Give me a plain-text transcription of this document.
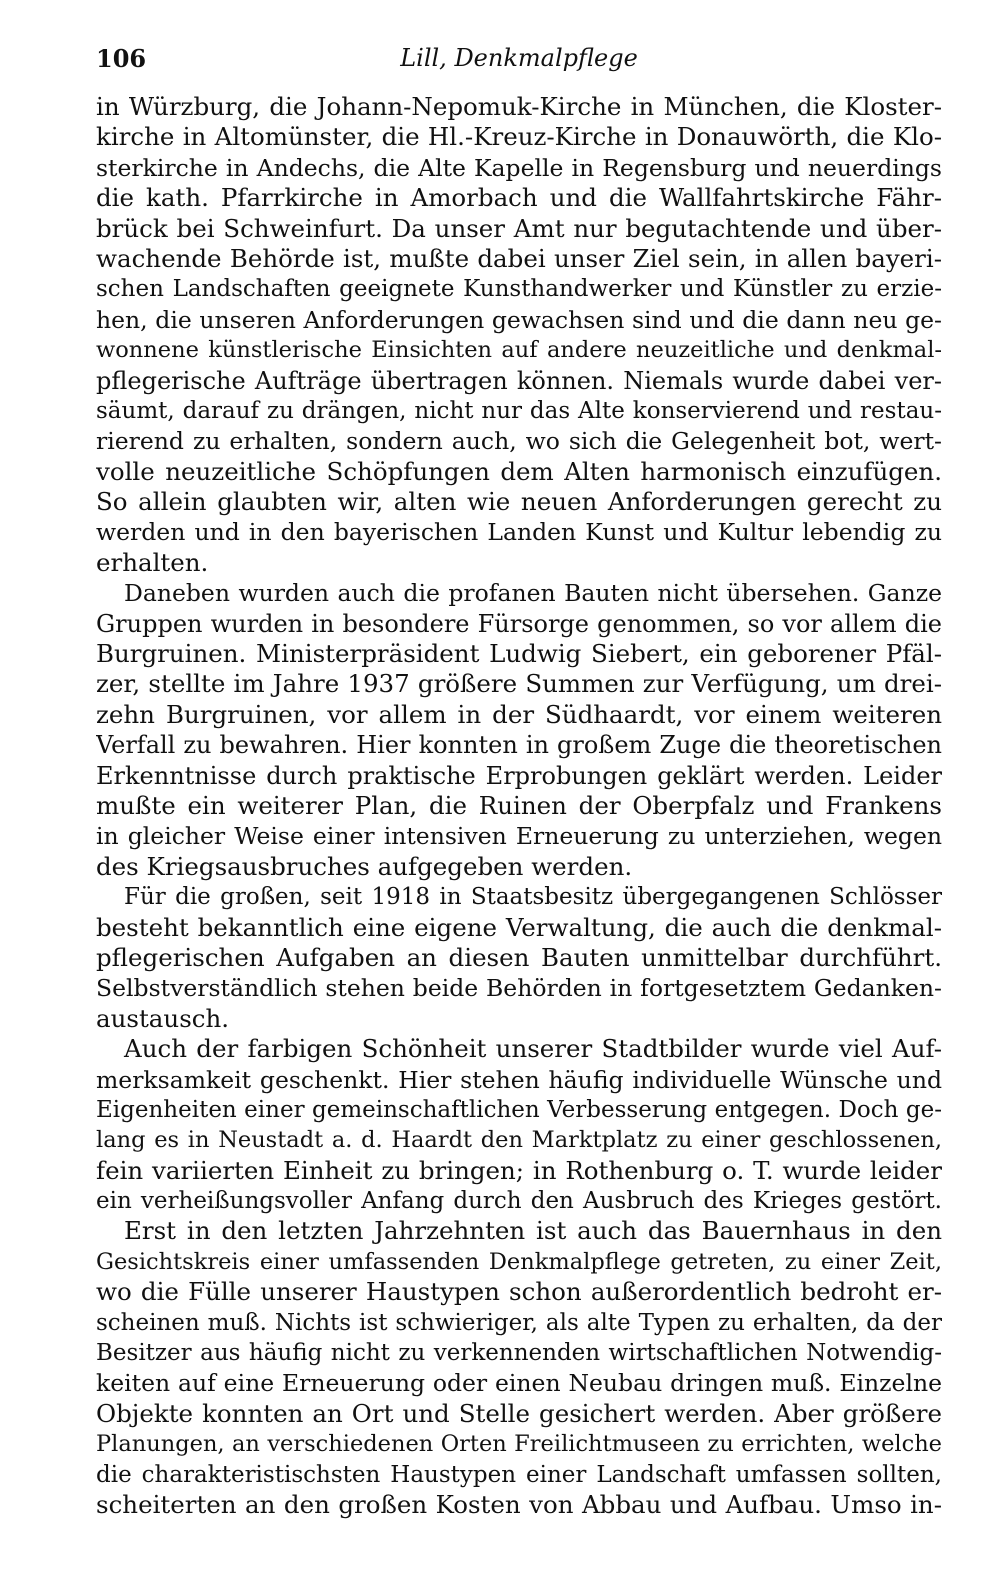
106	Lill, Denkmalpflege

in Würzburg, die Johann-Nepomuk-Kirche in München, die Kloster-
kirche in Altomünster, die Hl.-Kreuz-Kirche in Donauwörth, die Klo-
sterkirche in Andechs, die Alte Kapelle in Regensburg und neuerdings
die kath. Pfarrkirche in Amorbach und die Wallfahrtskirche Fähr-
brück bei Schweinfurt. Da unser Amt nur begutachtende und über-
wachende Behörde ist, mußte dabei unser Ziel sein, in allen bayeri-
schen Landschaften geeignete Kunsthandwerker und Künstler zu erzie-
hen, die unseren Anforderungen gewachsen sind und die dann neu ge-
wonnene künstlerische Einsichten auf andere neuzeitliche und denkmal-
pflegerische Aufträge übertragen können. Niemals wurde dabei ver-
säumt, darauf zu drängen, nicht nur das Alte konservierend und restau-
rierend zu erhalten, sondern auch, wo sich die Gelegenheit bot, wert-
volle neuzeitliche Schöpfungen dem Alten harmonisch einzufügen.
So allein glaubten wir, alten wie neuen Anforderungen gerecht zu
werden und in den bayerischen Landen Kunst und Kultur lebendig zu
erhalten.

Daneben wurden auch die profanen Bauten nicht übersehen. Ganze
Gruppen wurden in besondere Fürsorge genommen, so vor allem die
Burgruinen. Ministerpräsident Ludwig Siebert, ein geborener Pfäl-
zer, stellte im Jahre 1937 größere Summen zur Verfügung, um drei-
zehn Burgruinen, vor allem in der Südhaardt, vor einem weiteren
Verfall zu bewahren. Hier konnten in großem Zuge die theoretischen
Erkenntnisse durch praktische Erprobungen geklärt werden. Leider
mußte ein weiterer Plan, die Ruinen der Oberpfalz und Frankens
in gleicher Weise einer intensiven Erneuerung zu unterziehen, wegen
des Kriegsausbruches aufgegeben werden.

Für die großen, seit 1918 in Staatsbesitz übergegangenen Schlösser
besteht bekanntlich eine eigene Verwaltung, die auch die denkmal-
pflegerischen Aufgaben an diesen Bauten unmittelbar durchführt.
Selbstverständlich stehen beide Behörden in fortgesetztem Gedanken-
austausch.

Auch der farbigen Schönheit unserer Stadtbilder wurde viel Auf-
merksamkeit geschenkt. Hier stehen häufig individuelle Wünsche und
Eigenheiten einer gemeinschaftlichen Verbesserung entgegen. Doch ge-
lang es in Neustadt a. d. Haardt den Marktplatz zu einer geschlossenen,
fein variierten Einheit zu bringen; in Rothenburg o. T. wurde leider
ein verheißungsvoller Anfang durch den Ausbruch des Krieges gestört.

Erst in den letzten Jahrzehnten ist auch das Bauernhaus in den
Gesichtskreis einer umfassenden Denkmalpflege getreten, zu einer Zeit,
wo die Fülle unserer Haustypen schon außerordentlich bedroht er-
scheinen muß. Nichts ist schwieriger, als alte Typen zu erhalten, da der
Besitzer aus häufig nicht zu verkennenden wirtschaftlichen Notwendig-
keiten auf eine Erneuerung oder einen Neubau dringen muß. Einzelne
Objekte konnten an Ort und Stelle gesichert werden. Aber größere
Planungen, an verschiedenen Orten Freilichtmuseen zu errichten, welche
die charakteristischsten Haustypen einer Landschaft umfassen sollten,
scheiterten an den großen Kosten von Abbau und Aufbau. Umso in-
